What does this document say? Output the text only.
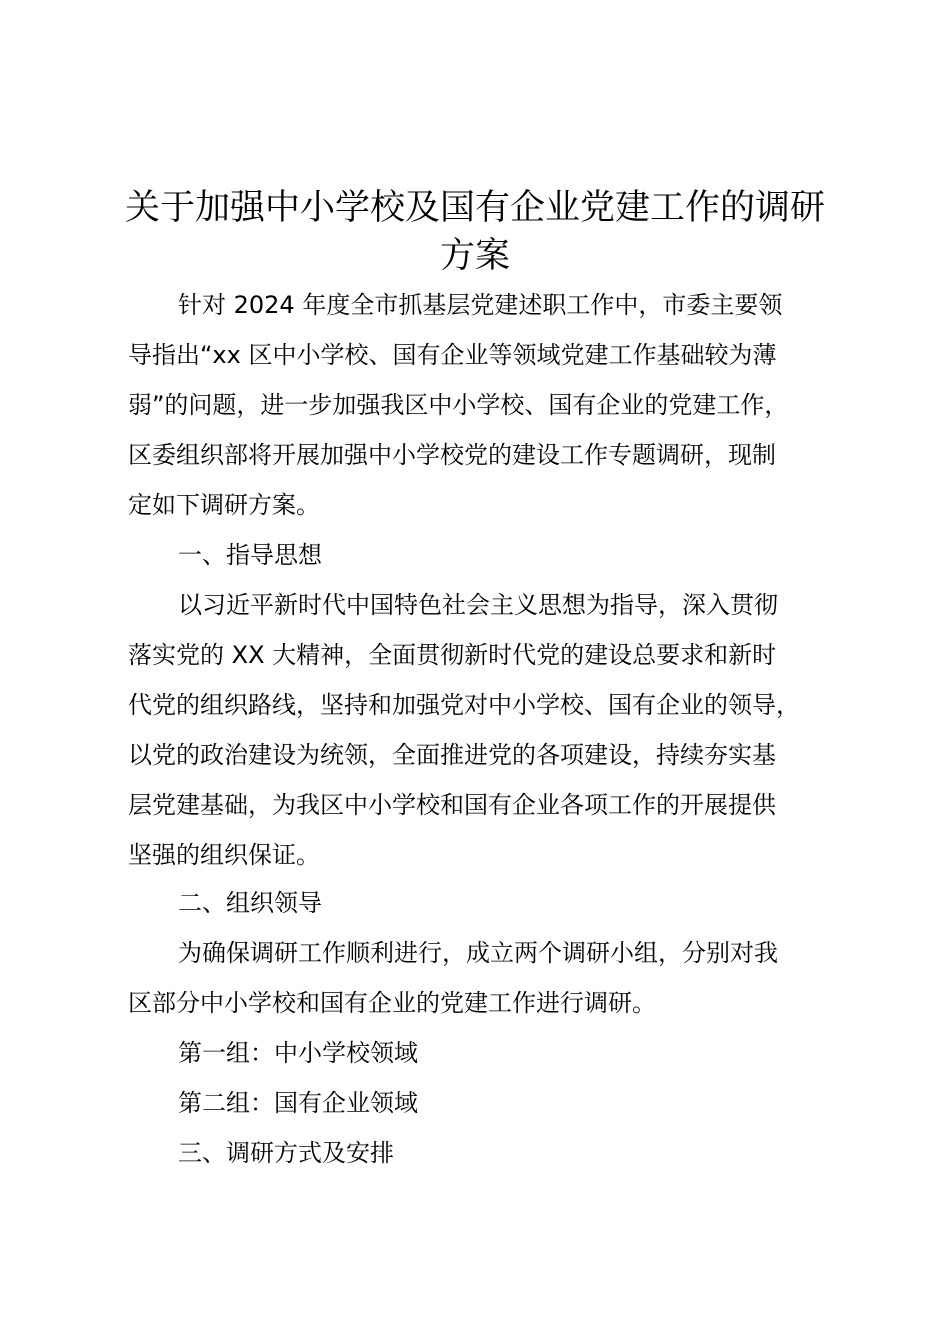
关于加强中小学校及国有企业党建工作的调研
方案

针对 2024 年度全市抓基层党建述职工作中，市委主要领

导指出“xx 区中小学校、国有企业等领域党建工作基础较为薄

弱”的问题，进一步加强我区中小学校、国有企业的党建工作，

区委组织部将开展加强中小学校党的建设工作专题调研，现制

定如下调研方案。

一、指导思想

以习近平新时代中国特色社会主义思想为指导，深入贯彻

落实党的 XX 大精神，全面贯彻新时代党的建设总要求和新时

代党的组织路线，坚持和加强党对中小学校、国有企业的领导，

以党的政治建设为统领，全面推进党的各项建设，持续夯实基

层党建基础，为我区中小学校和国有企业各项工作的开展提供

坚强的组织保证。

二、组织领导

为确保调研工作顺利进行，成立两个调研小组，分别对我

区部分中小学校和国有企业的党建工作进行调研。

第一组：中小学校领域

第二组：国有企业领域

三、调研方式及安排
